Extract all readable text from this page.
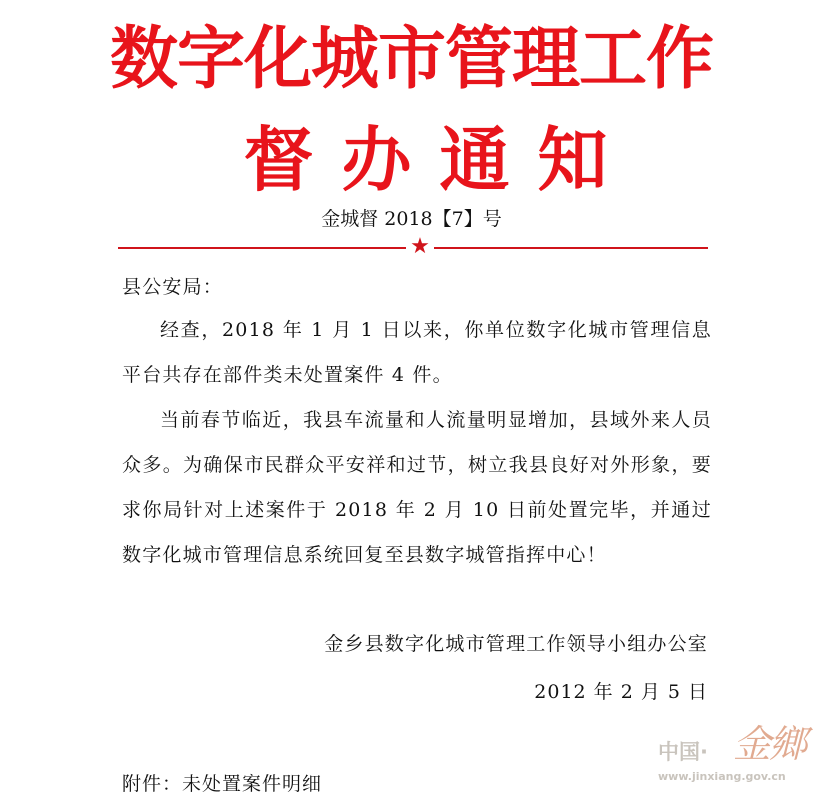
数字化城市管理工作
督办通知
金城督 2018【7】号
★
县公安局：
经查，2018 年 1 月 1 日以来，你单位数字化城市管理信息平台共存在部件类未处置案件 4 件。
当前春节临近，我县车流量和人流量明显增加，县域外来人员众多。为确保市民群众平安祥和过节，树立我县良好对外形象，要求你局针对上述案件于 2018 年 2 月 10 日前处置完毕，并通过数字化城市管理信息系统回复至县数字城管指挥中心！
金乡县数字化城市管理工作领导小组办公室
2012 年 2 月 5 日
附件：未处置案件明细
中国· 金鄉
www.jinxiang.gov.cn
